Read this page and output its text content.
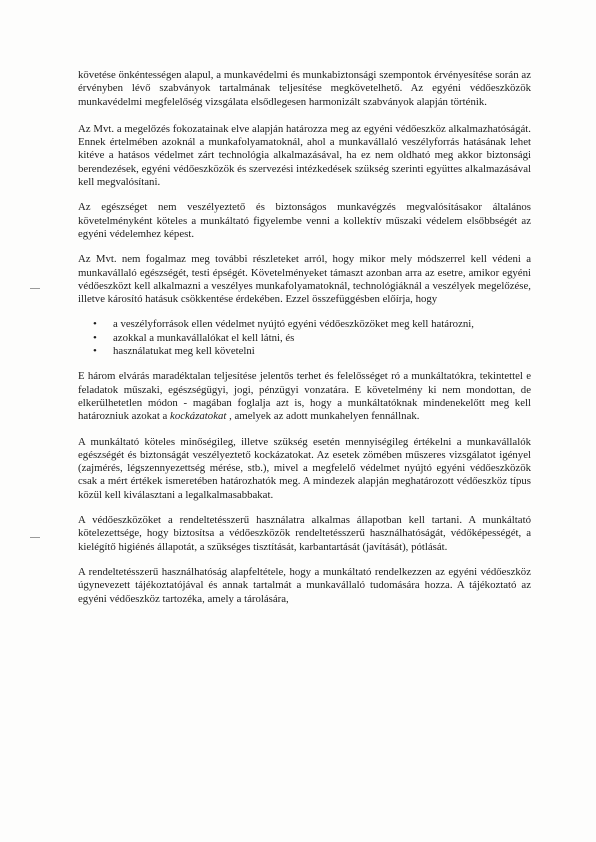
követése önkéntességen alapul, a munkavédelmi és munkabiztonsági szempontok érvényesítése során az érvényben lévő szabványok tartalmának teljesítése megkövetelhető. Az egyéni védőeszközök munkavédelmi megfelelőség vizsgálata elsődlegesen harmonizált szabványok alapján történik.

Az Mvt. a megelőzés fokozatainak elve alapján határozza meg az egyéni védőeszköz alkalmazhatóságát. Ennek értelmében azoknál a munkafolyamatoknál, ahol a munkavállaló veszélyforrás hatásának lehet kitéve a hatásos védelmet zárt technológia alkalmazásával, ha ez nem oldható meg akkor biztonsági berendezések, egyéni védőeszközök és szervezési intézkedések szükség szerinti együttes alkalmazásával kell megvalósítani.

Az egészséget nem veszélyeztető és biztonságos munkavégzés megvalósításakor általános követelményként köteles a munkáltató figyelembe venni a kollektív műszaki védelem elsőbbségét az egyéni védelemhez képest.

Az Mvt. nem fogalmaz meg további részleteket arról, hogy mikor mely módszerrel kell védeni a munkavállaló egészségét, testi épségét. Követelményeket támaszt azonban arra az esetre, amikor egyéni védőeszközt kell alkalmazni a veszélyes munkafolyamatoknál, technológiáknál a veszélyek megelőzése, illetve károsító hatásuk csökkentése érdekében. Ezzel összefüggésben előírja, hogy

• a veszélyforrások ellen védelmet nyújtó egyéni védőeszközöket meg kell határozni,
• azokkal a munkavállalókat el kell látni, és
• használatukat meg kell követelni

E három elvárás maradéktalan teljesítése jelentős terhet és felelősséget ró a munkáltatókra, tekintettel e feladatok műszaki, egészségügyi, jogi, pénzügyi vonzatára. E követelmény ki nem mondottan, de elkerülhetetlen módon - magában foglalja azt is, hogy a munkáltatóknak mindenekelőtt meg kell határozniuk azokat a kockázatokat , amelyek az adott munkahelyen fennállnak.

A munkáltató köteles minőségileg, illetve szükség esetén mennyiségileg értékelni a munkavállalók egészségét és biztonságát veszélyeztető kockázatokat. Az esetek zömében műszeres vizsgálatot igényel (zajmérés, légszennyezettség mérése, stb.), mivel a megfelelő védelmet nyújtó egyéni védőeszközök csak a mért értékek ismeretében határozhatók meg. A mindezek alapján meghatározott védőeszköz típus közül kell kiválasztani a legalkalmasabbakat.

A védőeszközöket a rendeltetésszerű használatra alkalmas állapotban kell tartani. A munkáltató kötelezettsége, hogy biztosítsa a védőeszközök rendeltetésszerű használhatóságát, védőképességét, a kielégítő higiénés állapotát, a szükséges tisztítását, karbantartását (javítását), pótlását.

A rendeltetésszerű használhatóság alapfeltétele, hogy a munkáltató rendelkezzen az egyéni védőeszköz úgynevezett tájékoztatójával és annak tartalmát a munkavállaló tudomására hozza. A tájékoztató az egyéni védőeszköz tartozéka, amely a tárolására,
